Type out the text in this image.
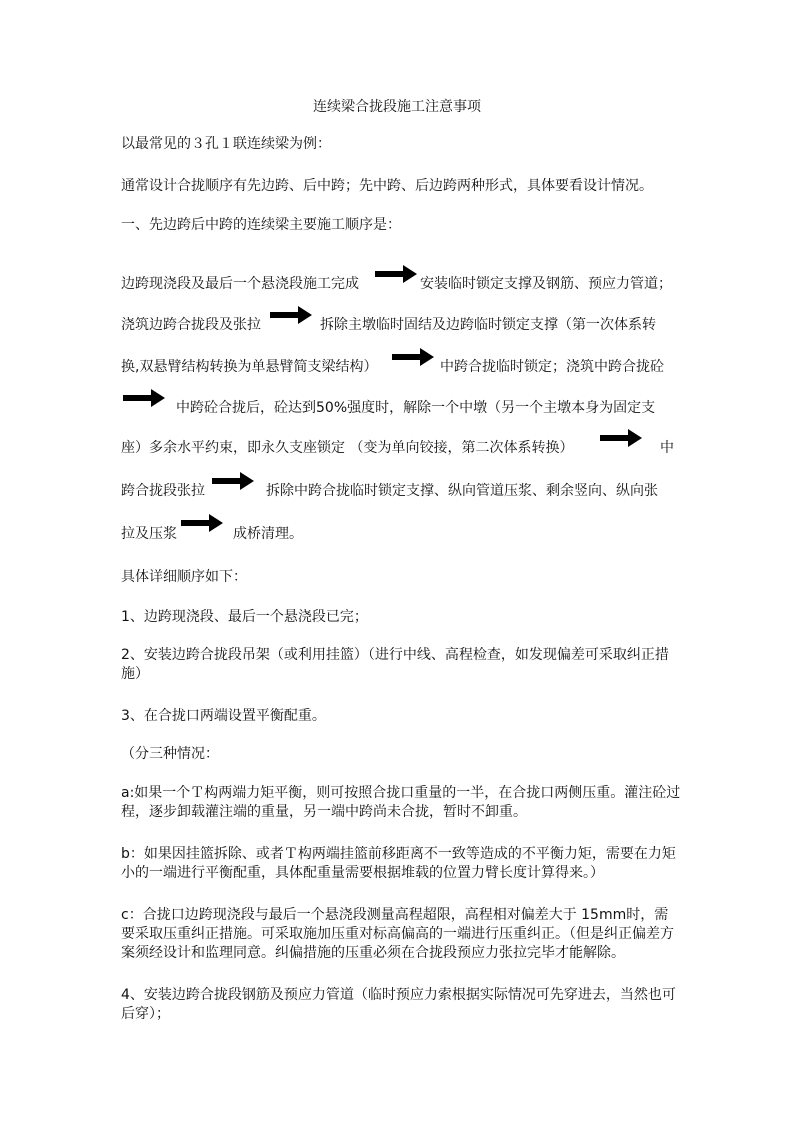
连续梁合拢段施工注意事项
以最常见的３孔１联连续梁为例：
通常设计合拢顺序有先边跨、后中跨；先中跨、后边跨两种形式，具体要看设计情况。
一、先边跨后中跨的连续梁主要施工顺序是：
边跨现浇段及最后一个悬浇段施工完成	安装临时锁定支撑及钢筋、预应力管道；
浇筑边跨合拢段及张拉	拆除主墩临时固结及边跨临时锁定支撑（第一次体系转
换,双悬臂结构转换为单悬臂简支梁结构）	中跨合拢临时锁定；浇筑中跨合拢砼
中跨砼合拢后，砼达到50%强度时，解除一个中墩（另一个主墩本身为固定支
座）多余水平约束，即永久支座锁定 （变为单向铰接，第二次体系转换）	中
跨合拢段张拉	拆除中跨合拢临时锁定支撑、纵向管道压浆、剩余竖向、纵向张
拉及压浆	成桥清理。
具体详细顺序如下：
1、边跨现浇段、最后一个悬浇段已完；
2、安装边跨合拢段吊架（或利用挂篮）（进行中线、高程检查，如发现偏差可采取纠正措施）
3、在合拢口两端设置平衡配重。
（分三种情况：
a:如果一个Ｔ构两端力矩平衡，则可按照合拢口重量的一半，在合拢口两侧压重。灌注砼过程，逐步卸载灌注端的重量，另一端中跨尚未合拢，暂时不卸重。
b：如果因挂篮拆除、或者Ｔ构两端挂篮前移距离不一致等造成的不平衡力矩，需要在力矩小的一端进行平衡配重，具体配重量需要根据堆载的位置力臂长度计算得来。）
c：合拢口边跨现浇段与最后一个悬浇段测量高程超限，高程相对偏差大于 15mm时，需要采取压重纠正措施。可采取施加压重对标高偏高的一端进行压重纠正。（但是纠正偏差方案须经设计和监理同意。纠偏措施的压重必须在合拢段预应力张拉完毕才能解除。
4、安装边跨合拢段钢筋及预应力管道（临时预应力索根据实际情况可先穿进去，当然也可后穿）；
